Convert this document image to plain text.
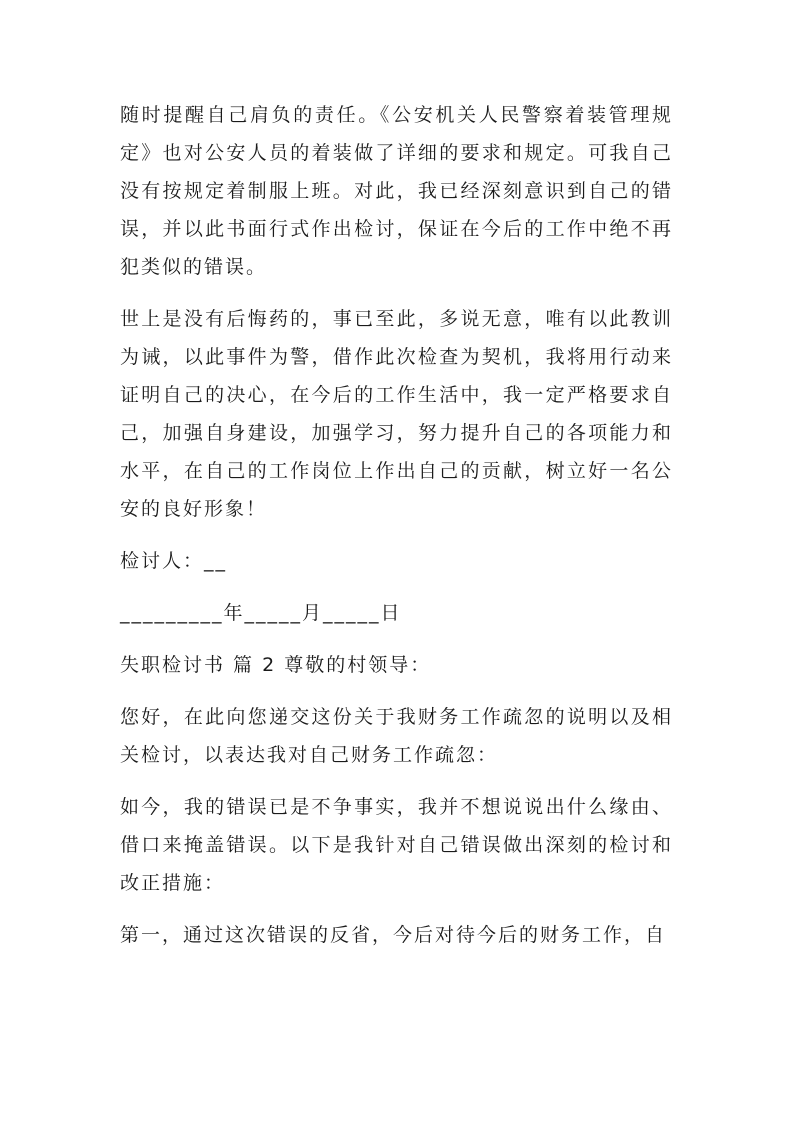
随时提醒自己肩负的责任。《公安机关人民警察着装管理规定》也对公安人员的着装做了详细的要求和规定。可我自己没有按规定着制服上班。对此，我已经深刻意识到自己的错误，并以此书面行式作出检讨，保证在今后的工作中绝不再犯类似的错误。

世上是没有后悔药的，事已至此，多说无意，唯有以此教训为诫，以此事件为警，借作此次检查为契机，我将用行动来证明自己的决心，在今后的工作生活中，我一定严格要求自己，加强自身建设，加强学习，努力提升自己的各项能力和水平，在自己的工作岗位上作出自己的贡献，树立好一名公安的良好形象！

检讨人：__

_________年_____月_____日

失职检讨书 篇 2 尊敬的村领导：

您好，在此向您递交这份关于我财务工作疏忽的说明以及相关检讨，以表达我对自己财务工作疏忽：

如今，我的错误已是不争事实，我并不想说说出什么缘由、借口来掩盖错误。以下是我针对自己错误做出深刻的检讨和改正措施：

第一，通过这次错误的反省，今后对待今后的财务工作，自
